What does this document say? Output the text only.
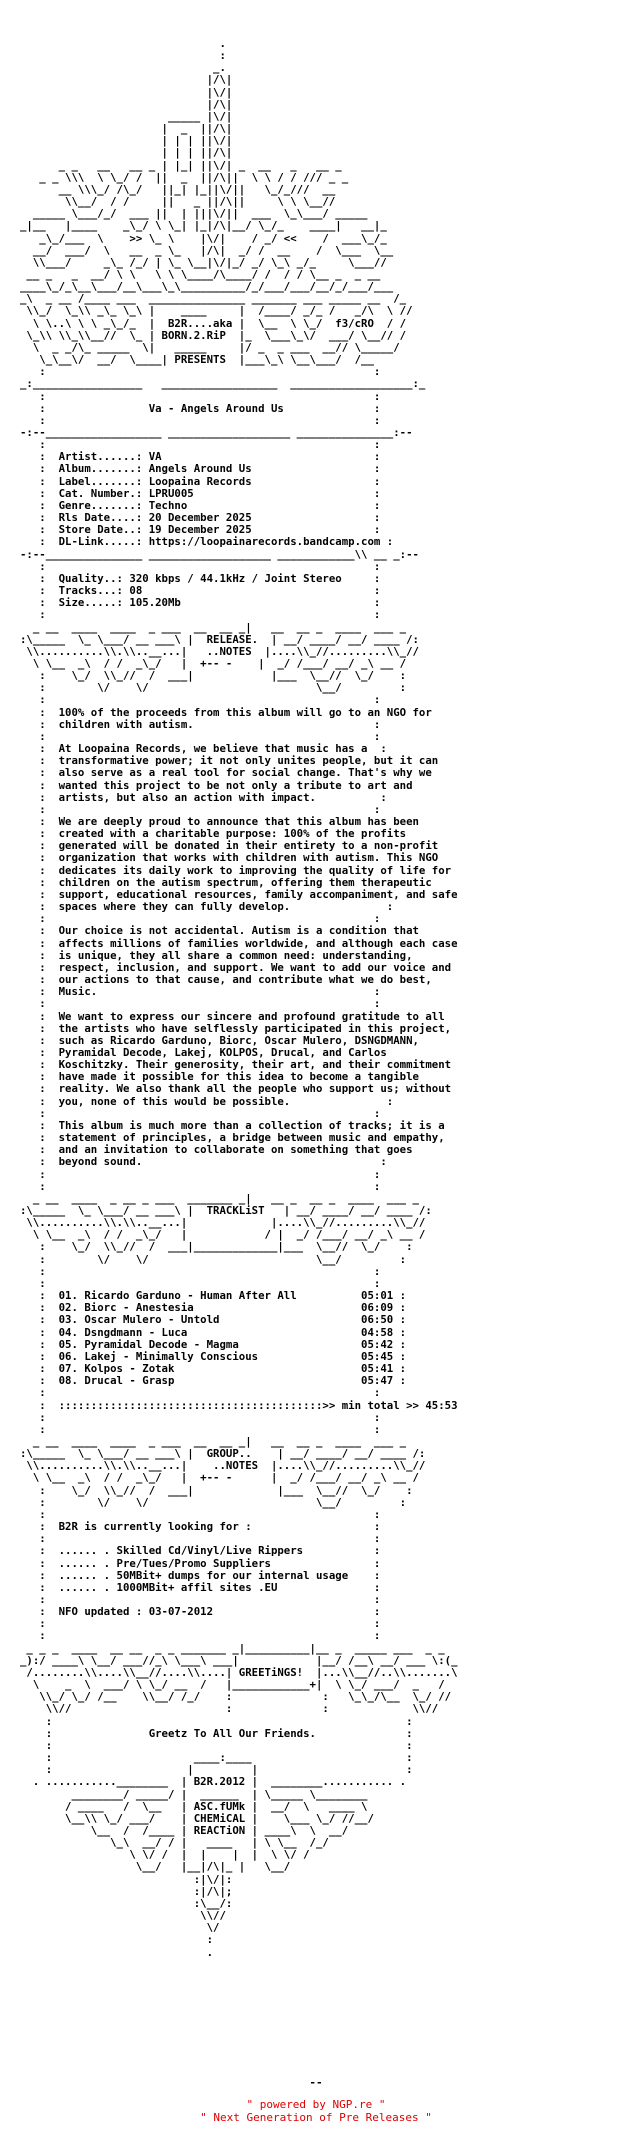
.
:
_.
|/\|
|\/|
|/\|
_____ |\/|
|  _  ||/\|
| | | ||\/|
| | | ||/\|
_ _   __   __ _ | |_| ||\/| _  __   _   __ _
_ _ \\\  \ \_/ /  ||  _  ||/\||  \ \ / / /// _ _
__ \\\_/ /\_/   ||_| |_||\/||   \_/_///  __
\\__/  / /     ||   _ ||/\||     \ \ \__//
_____ \___/_/  ___ ||  | |||\/||  ___  \_\___/ _____
_|__   |____    _\_/ \ \_| |_|/\|__/ \_/_    ____|   __|_
_\_/___  \    >> \_ \    |\/|    / _/ <<    /  ___\_/_
__/  ___/  \   __  _ \_   |/\|  _/ /  __    /  \___  \__
\\___/     _\_ /_/ | \_ \__|\/|_/ _/ \_\ _/_     \___//
__ _   _  __/ \ \   \ \ \____/\____/ /  / / \__ _  _ __
____\_/_\__\___/__\___\_\__________/_/___/___/__/_/___/___
_\  _ __ /____ ___  _______________ _______ ___ _____ __  /_
\\_/  \_\\ _\_ \_\ |    ____     |  /____/ _/_ /   _/\  \ //
\ \..\ \ \ _\_/_  |  B2R....aka |  \__  \ \_/  f3/cRO  / /
\_\\ \\_\\__//  \_ | BORN.2.RiP  |_  \___\_\/  ___/ \__// /
\  _ _/\_ _____  \|   _____     |/ _  _ ___  __// \_____/
\_\__\/  __/  \____| PRESENTS  |___\_\ \__\___/  /__
:                                                   :
_:_________________   __________________  ___________________:_
:                                                   :
:                Va - Angels Around Us              :
:                                                   :
-:--__________________ ___________________ _______________:--
:                                                   :
:  Artist......: VA                                 :
:  Album.......: Angels Around Us                   :
:  Label.......: Loopaina Records                   :
:  Cat. Number.: LPRU005                            :
:  Genre.......: Techno                             :
:  Rls Date....: 20 December 2025                   :
:  Store Date..: 19 December 2025                   :
:  DL-Link.....: https://loopainarecords.bandcamp.com :
-:--_______________ ___________________ ____________\\ __ _:--
:                                                   :
:  Quality..: 320 kbps / 44.1kHz / Joint Stereo     :
:  Tracks...: 08                                    :
:  Size.....: 105.20Mb                              :
:                                                   :
_ __  ____  ____  _ ___  __  __ _|   __  __ _  ____  ___ _
:\_____  \_ \___/ __ ___\ |  RELEASE.  | __/ ____/ __/ ____ /:
\\..........\\.\\..__...|   ..NOTES  |....\\_//.........\\_//
\ \__  _\  / /  _\_/   |  +-- -    |  _/ /___/ __/ _\ __ /
:    \_/  \\_//  /  ___|            |___  \__//  \_/    :
:        \/    \/                          \__/         :
:                                                   :
:  100% of the proceeds from this album will go to an NGO for
:  children with autism.                            :
:                                                   :
:  At Loopaina Records, we believe that music has a  :
:  transformative power; it not only unites people, but it can
:  also serve as a real tool for social change. That's why we
:  wanted this project to be not only a tribute to art and
:  artists, but also an action with impact.          :
:                                                   :
:  We are deeply proud to announce that this album has been
:  created with a charitable purpose: 100% of the profits
:  generated will be donated in their entirety to a non-profit
:  organization that works with children with autism. This NGO
:  dedicates its daily work to improving the quality of life for
:  children on the autism spectrum, offering them therapeutic
:  support, educational resources, family accompaniment, and safe
:  spaces where they can fully develop.               :
:                                                   :
:  Our choice is not accidental. Autism is a condition that
:  affects millions of families worldwide, and although each case
:  is unique, they all share a common need: understanding,
:  respect, inclusion, and support. We want to add our voice and
:  our actions to that cause, and contribute what we do best,
:  Music.                                           :
:                                                   :
:  We want to express our sincere and profound gratitude to all
:  the artists who have selflessly participated in this project,
:  such as Ricardo Garduno, Biorc, Oscar Mulero, DSNGDMANN,
:  Pyramidal Decode, Lakej, KOLPOS, Drucal, and Carlos
:  Koschitzky. Their generosity, their art, and their commitment
:  have made it possible for this idea to become a tangible
:  reality. We also thank all the people who support us; without
:  you, none of this would be possible.               :
:                                                   :
:  This album is much more than a collection of tracks; it is a
:  statement of principles, a bridge between music and empathy,
:  and an invitation to collaborate on something that goes
:  beyond sound.                                     :
:                                                   :
:                                                   :
_ __  ____  _ __ _ ___  _______ _|   __ _  __ _  ____  ___ _
:\_____  \_ \___/ __ ___\ |  TRACKLiST   | __/ ____/ __/ ____ /:
\\..........\\.\\..__...|             |....\\_//.........\\_//
\ \__  _\  / /  _\_/   |            / |  _/ /___/ __/ _\ __ /
:    \_/  \\_//  /  ___|_____________|___  \__//  \_/    :
:        \/    \/                          \__/         :
:                                                   :
:                                                   :
:  01. Ricardo Garduno - Human After All          05:01 :
:  02. Biorc - Anestesia                          06:09 :
:  03. Oscar Mulero - Untold                      06:50 :
:  04. Dsngdmann - Luca                           04:58 :
:  05. Pyramidal Decode - Magma                   05:42 :
:  06. Lakej - Minimally Conscious                05:45 :
:  07. Kolpos - Zotak                             05:41 :
:  08. Drucal - Grasp                             05:47 :
:                                                   :
:  :::::::::::::::::::::::::::::::::::::::::>> min total >> 45:53
:                                                   :
:                                                   :
_ __  ____  ____  _ ___  __  __ _|   __  __ _  ____  ___ _
:\_____  \_ \___/ __ ___\ |  GROUP..    | __/ ____/ __/ ____ /:
\\..........\\.\\..__...|    ..NOTES  |....\\_//.........\\_//
\ \__  _\  / /  _\_/   |  +-- -      |  _/ /___/ __/ _\ __ /
:    \_/  \\_//  /  ___|             |___  \__//  \_/    :
:        \/    \/                          \__/         :
:                                                   :
:  B2R is currently looking for :                   :
:                                                   :
:  ...... . Skilled Cd/Vinyl/Live Rippers           :
:  ...... . Pre/Tues/Promo Suppliers                :
:  ...... . 50MBit+ dumps for our internal usage    :
:  ...... . 1000MBit+ affil sites .EU               :
:                                                   :
:  NFO updated : 03-07-2012                         :
:                                                   :
:                                                   :
_ _ _  ____  __ __  _ _ _______ _|__________|__ _  _____ ___  _ _
_):/ ____\ \__/ ___//_\ \___\ ___|            |__/ /__\ __/ ___ \:(_
/........\\....\\__//....\\....| GREETiNGS!  |...\\__//..\\.......\
\    _  \  ___/ \ \_/ __  /   |____________+|  \ \_/ ___/  _   /
\\_/ \_/ /__    \\__/ /_/    :              :   \_\_/\__  \_/ //
\\//                        :              :             \\//
:                                                       :
:               Greetz To All Our Friends.              :
:                                                       :
:                      ____:____                        :
:                     |         |                       :
. ...........________  | B2R.2012 |  ________........... .
________/ _____/ |  ______  | \_____ \________
/ ____   /  \__   | ASC.fUMk |  __/  \   ____ \
\__\\ \_/ ___/    | CHEMiCAL |    \___ \_/ //__/
\__  /  /____ | REACTiON | ____\  \  __/
\_\  __/ / |   ____   | \ \__  /_/
\ \/ /  |  |    |  |  \ \/ /
\__/   |__|/\|_ |   \__/
:|\/|:
:|/\|;
:\__/:
\\//
\/
:
.

--
" powered by NGP.re "
" Next Generation of Pre Releases "
